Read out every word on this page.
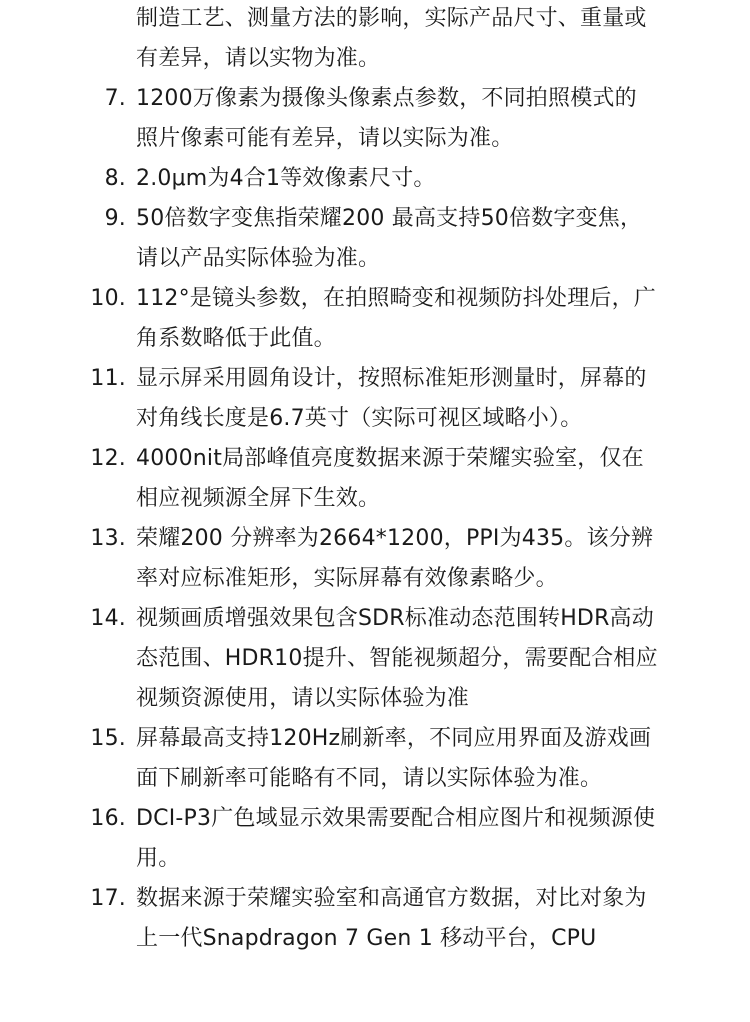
制造工艺、测量方法的影响，实际产品尺寸、重量或有差异，请以实物为准。
7. 1200万像素为摄像头像素点参数，不同拍照模式的照片像素可能有差异，请以实际为准。
8. 2.0μm为4合1等效像素尺寸。
9. 50倍数字变焦指荣耀200 最高支持50倍数字变焦，请以产品实际体验为准。
10. 112°是镜头参数，在拍照畸变和视频防抖处理后，广角系数略低于此值。
11. 显示屏采用圆角设计，按照标准矩形测量时，屏幕的对角线长度是6.7英寸（实际可视区域略小）。
12. 4000nit局部峰值亮度数据来源于荣耀实验室，仅在相应视频源全屏下生效。
13. 荣耀200 分辨率为2664*1200，PPI为435。该分辨率对应标准矩形，实际屏幕有效像素略少。
14. 视频画质增强效果包含SDR标准动态范围转HDR高动态范围、HDR10提升、智能视频超分，需要配合相应视频资源使用，请以实际体验为准
15. 屏幕最高支持120Hz刷新率，不同应用界面及游戏画面下刷新率可能略有不同，请以实际体验为准。
16. DCI-P3广色域显示效果需要配合相应图片和视频源使用。
17. 数据来源于荣耀实验室和高通官方数据，对比对象为上一代Snapdragon 7 Gen 1 移动平台，CPU
